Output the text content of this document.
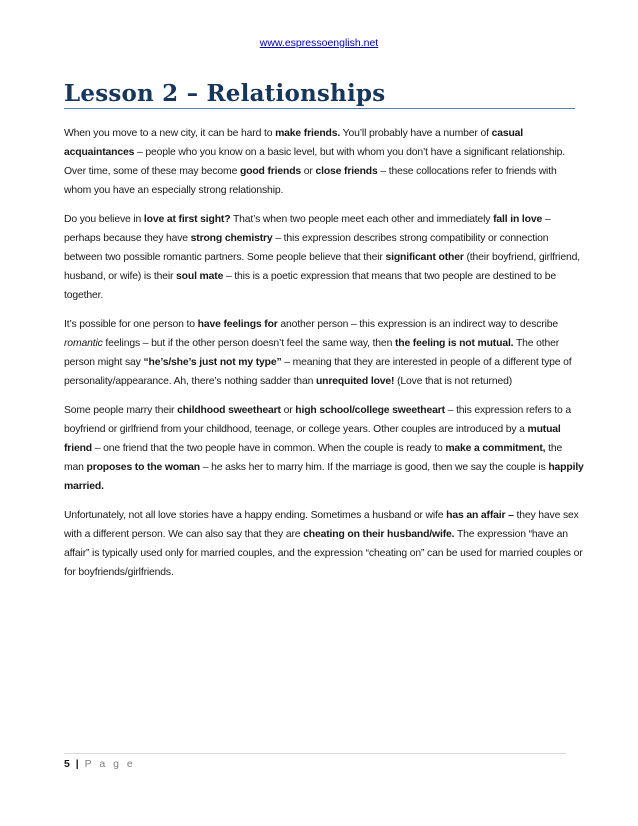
www.espressoenglish.net
Lesson 2 – Relationships

When you move to a new city, it can be hard to make friends. You’ll probably have a number of casual acquaintances – people who you know on a basic level, but with whom you don’t have a significant relationship. Over time, some of these may become good friends or close friends – these collocations refer to friends with whom you have an especially strong relationship.

Do you believe in love at first sight? That’s when two people meet each other and immediately fall in love – perhaps because they have strong chemistry – this expression describes strong compatibility or connection between two possible romantic partners. Some people believe that their significant other (their boyfriend, girlfriend, husband, or wife) is their soul mate – this is a poetic expression that means that two people are destined to be together.

It’s possible for one person to have feelings for another person – this expression is an indirect way to describe romantic feelings – but if the other person doesn’t feel the same way, then the feeling is not mutual. The other person might say “he’s/she’s just not my type” – meaning that they are interested in people of a different type of personality/appearance. Ah, there’s nothing sadder than unrequited love! (Love that is not returned)

Some people marry their childhood sweetheart or high school/college sweetheart – this expression refers to a boyfriend or girlfriend from your childhood, teenage, or college years. Other couples are introduced by a mutual friend – one friend that the two people have in common. When the couple is ready to make a commitment, the man proposes to the woman – he asks her to marry him. If the marriage is good, then we say the couple is happily married.

Unfortunately, not all love stories have a happy ending. Sometimes a husband or wife has an affair – they have sex with a different person. We can also say that they are cheating on their husband/wife. The expression “have an affair” is typically used only for married couples, and the expression “cheating on” can be used for married couples or for boyfriends/girlfriends.

5 | P a g e
